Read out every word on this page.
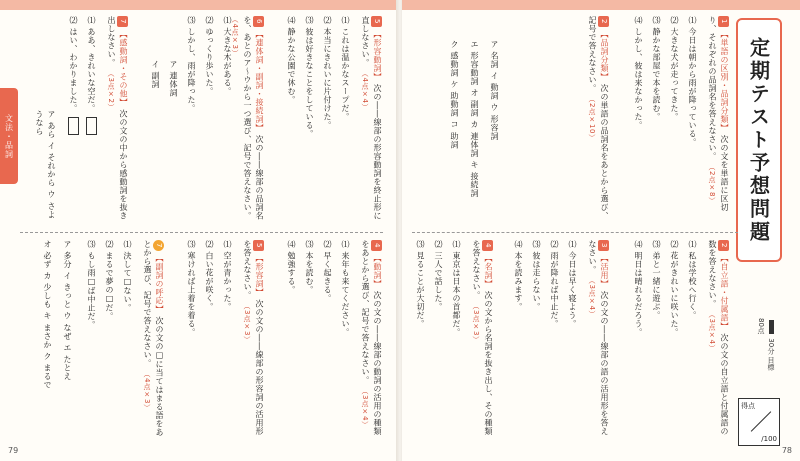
文法・品詞
5 【形容動詞】 次の――線部の形容動詞を終止形に直しなさい。 （4点×4）
⑴ これは温かなスープだ。
⑵ 本当にきれいに片付けた。
⑶ 彼は好きなことをしている。
⑷ 静かな公園で休む。
6 【連体詞・副詞・接続詞】 次の――線部の品詞名を、あとのア〜ウから一つ選び、記号で答えなさい。 （4点×3）
⑴ 大きな木がある。
⑵ ゆっくり歩いた。
⑶ しかし、雨が降った。
ア 連体詞
イ 副詞
7 【感動詞・その他】 次の文の中から感動詞を抜き出しなさい。 （3点×2）
⑴ ああ、きれいな空だ。
⑵ はい、わかりました。
ア あら イ それから ウ さようなら
4 【動詞】 次の文の――線部の動詞の活用の種類をあとから選び、記号で答えなさい。 （3点×4）
⑴ 来年も来てください。
⑵ 早く起きる。
⑶ 本を読む。
⑷ 勉強する。
5 【形容詞】 次の文の――線部の形容詞の活用形を答えなさい。 （3点×3）
⑴ 空が青かった。
⑵ 白い花が咲く。
⑶ 寒ければ上着を着る。
7 【副詞の呼応】 次の文の□に当てはまる語をあとから選び、記号で答えなさい。 （4点×3）
⑴ 決して□ない。
⑵ まるで夢の□だ。
⑶ もし雨□ば中止だ。
ア 多分 イ きっと ウ なぜ エ たとえ
オ 必ず カ 少しも キ まさか ク まるで
79
定期テスト予想問題
30分 目標80点
得点
/100
1 【単語の区別・品詞分類】 次の文を単語に区切り、それぞれの品詞名を答えなさい。 （2点×8）
⑴ 今日は朝から雨が降っている。
⑵ 大きな犬が走ってきた。
⑶ 静かな部屋で本を読む。
⑷ しかし、彼は来なかった。
2 【品詞分類】 次の単語の品詞名をあとから選び、記号で答えなさい。 （2点×10）
ア 名詞 イ 動詞 ウ 形容詞
エ 形容動詞 オ 副詞 カ 連体詞 キ 接続詞
ク 感動詞 ケ 助動詞 コ 助詞
2 【自立語・付属語】 次の文の自立語と付属語の数を答えなさい。 （3点×4）
⑴ 私は学校へ行く。
⑵ 花がきれいに咲いた。
⑶ 弟と一緒に遊ぶ。
⑷ 明日は晴れるだろう。
3 【活用】 次の文の――線部の語の活用形を答えなさい。 （3点×4）
⑴ 今日は早く寝よう。
⑵ 雨が降れば中止だ。
⑶ 彼は走らない。
⑷ 本を読みます。
4 【名詞】 次の文から名詞を抜き出し、その種類を答えなさい。 （3点×3）
⑴ 東京は日本の首都だ。
⑵ 三人で話した。
⑶ 見ることが大切だ。
78
